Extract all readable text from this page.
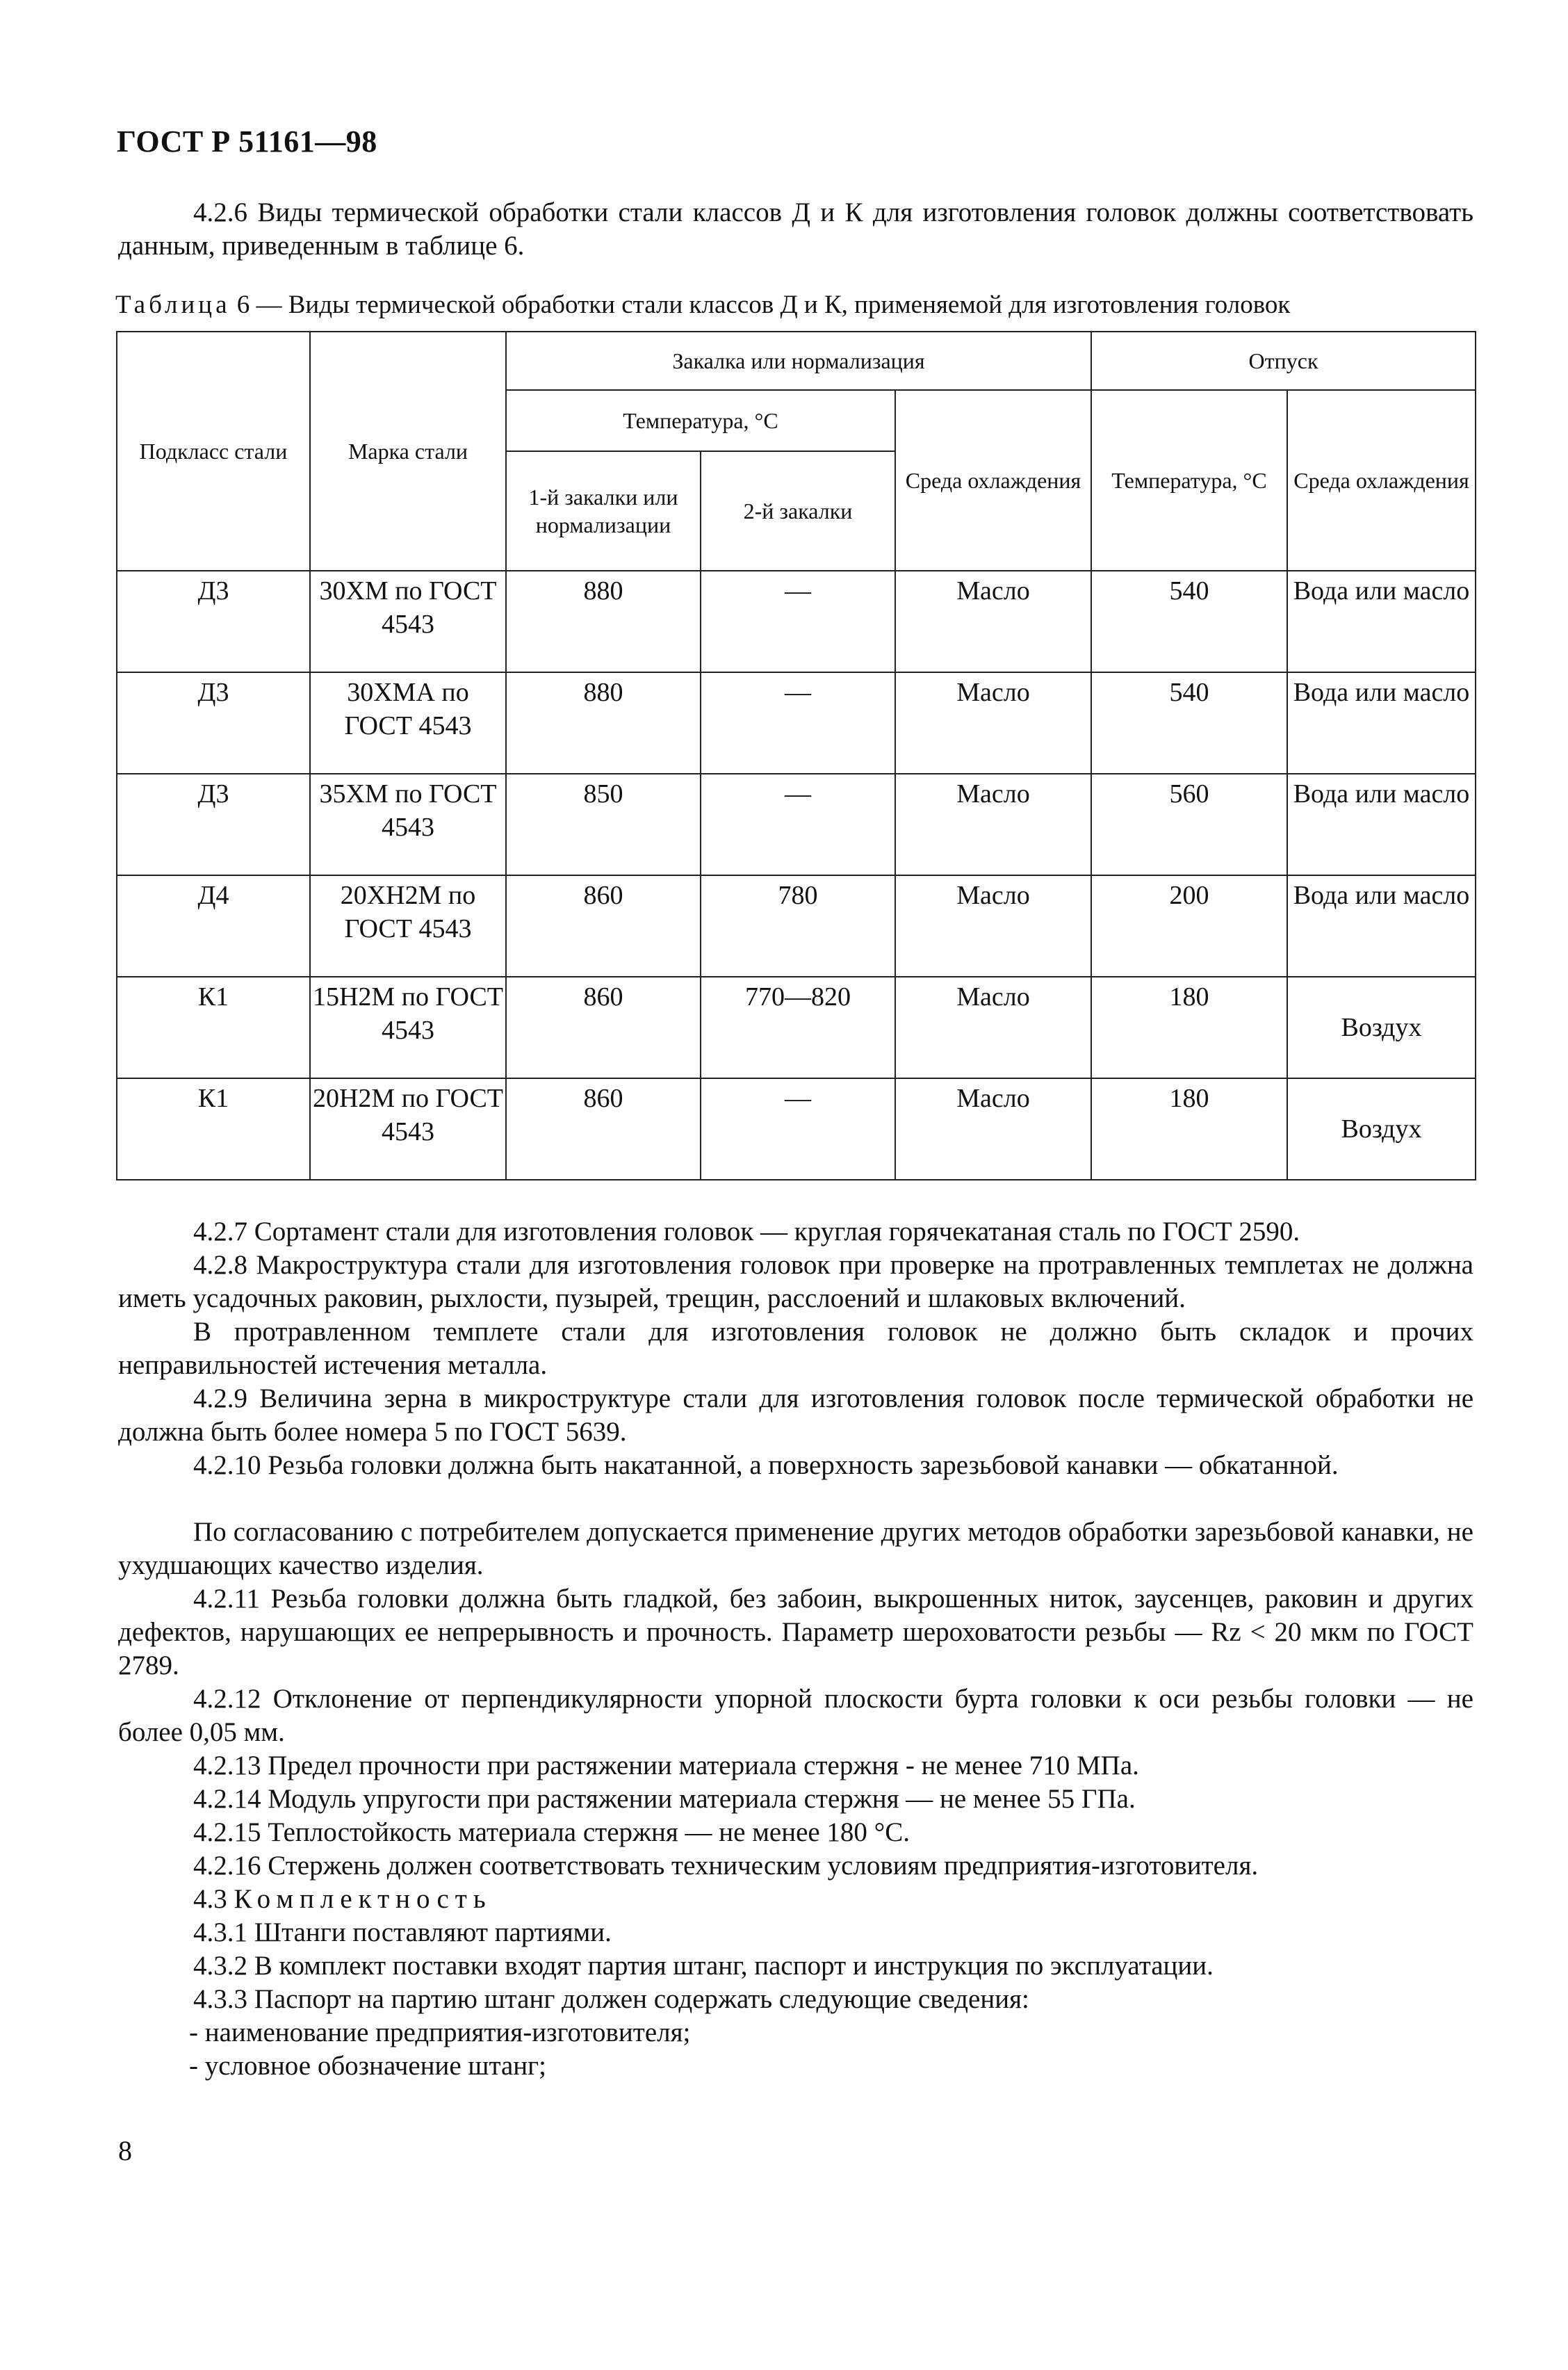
ГОСТ Р 51161—98
4.2.6 Виды термической обработки стали классов Д и К для изготовления головок должны соответствовать данным, приведенным в таблице 6.
Таблица 6 — Виды термической обработки стали классов Д и К, применяемой для изготовления головок
Подкласс стали	Марка стали	Закалка или нормализация			Отпуск	
		Температура, °С		Среда охлаждения	Температура, °С	Среда охлаждения
		1-й закалки или нормализации	2-й закалки			
Д3	30ХМ по ГОСТ 4543	880	—	Масло	540	Вода или масло
Д3	30ХМА по ГОСТ 4543	880	—	Масло	540	Вода или масло
Д3	35ХМ по ГОСТ 4543	850	—	Масло	560	Вода или масло
Д4	20ХН2М по ГОСТ 4543	860	780	Масло	200	Вода или масло
К1	15Н2М по ГОСТ 4543	860	770—820	Масло	180	Воздух
К1	20Н2М по ГОСТ 4543	860	—	Масло	180	Воздух
4.2.7 Сортамент стали для изготовления головок — круглая горячекатаная сталь по ГОСТ 2590.
4.2.8 Макроструктура стали для изготовления головок при проверке на протравленных темплетах не должна иметь усадочных раковин, рыхлости, пузырей, трещин, расслоений и шлаковых включений.
В протравленном темплете стали для изготовления головок не должно быть складок и прочих неправильностей истечения металла.
4.2.9 Величина зерна в микроструктуре стали для изготовления головок после термической обработки не должна быть более номера 5 по ГОСТ 5639.
4.2.10 Резьба головки должна быть накатанной, а поверхность зарезьбовой канавки — обкатанной.
По согласованию с потребителем допускается применение других методов обработки зарезьбовой канавки, не ухудшающих качество изделия.
4.2.11 Резьба головки должна быть гладкой, без забоин, выкрошенных ниток, заусенцев, раковин и других дефектов, нарушающих ее непрерывность и прочность. Параметр шероховатости резьбы — Rz < 20 мкм по ГОСТ 2789.
4.2.12 Отклонение от перпендикулярности упорной плоскости бурта головки к оси резьбы головки — не более 0,05 мм.
4.2.13 Предел прочности при растяжении материала стержня - не менее 710 МПа.
4.2.14 Модуль упругости при растяжении материала стержня — не менее 55 ГПа.
4.2.15 Теплостойкость материала стержня — не менее 180 °С.
4.2.16 Стержень должен соответствовать техническим условиям предприятия-изготовителя.
4.3 Комплектность
4.3.1 Штанги поставляют партиями.
4.3.2 В комплект поставки входят партия штанг, паспорт и инструкция по эксплуатации.
4.3.3 Паспорт на партию штанг должен содержать следующие сведения:
- наименование предприятия-изготовителя;
- условное обозначение штанг;
8
